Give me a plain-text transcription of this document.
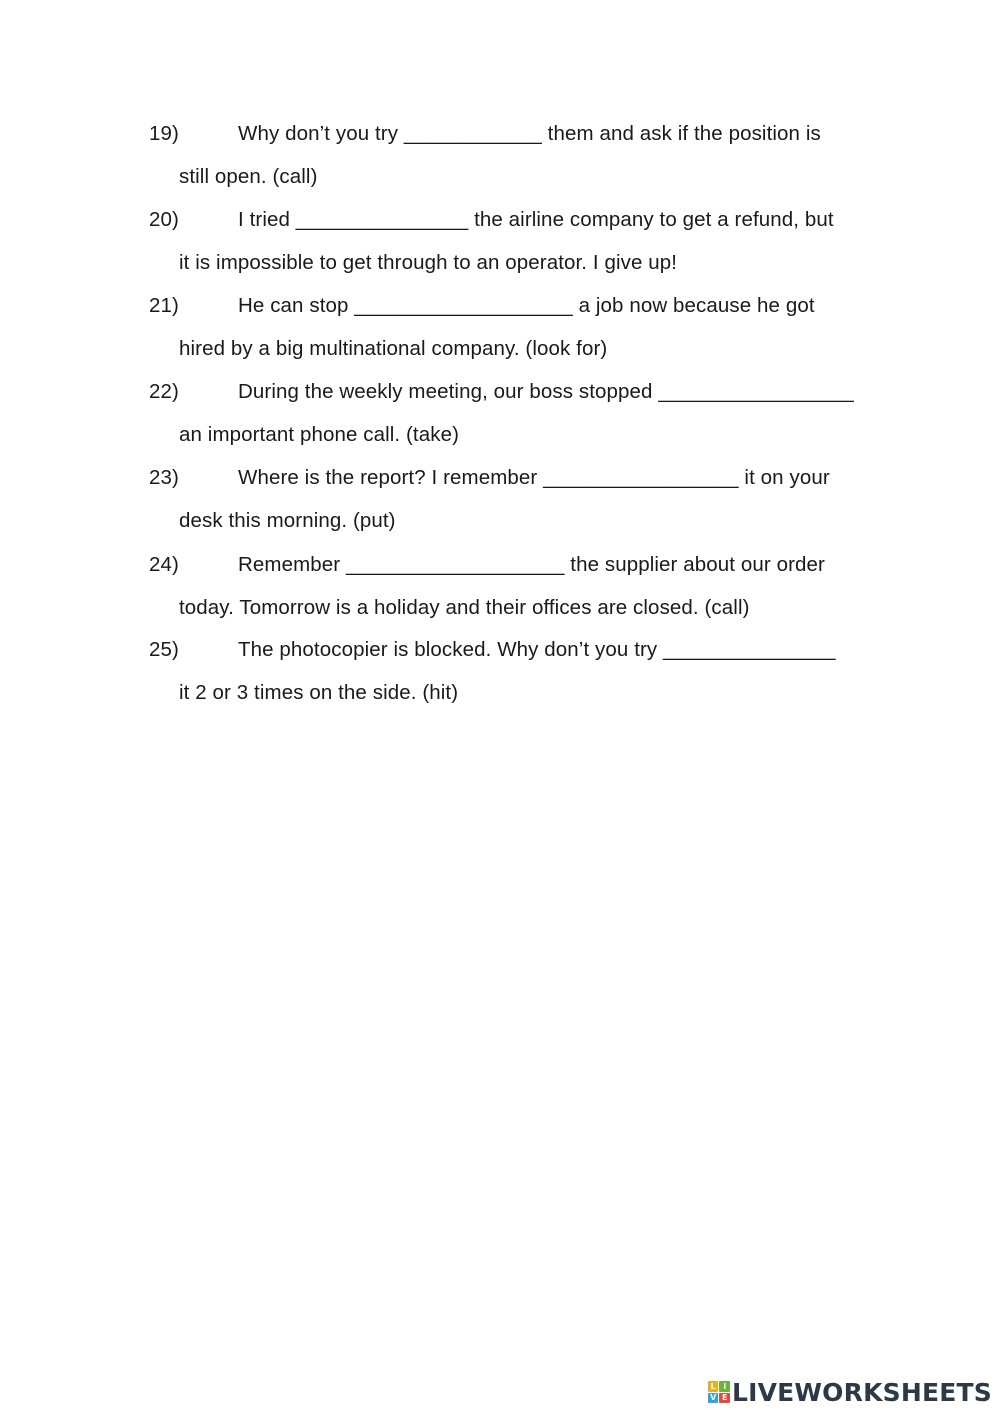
19)	Why don’t you try ____________ them and ask if the position is
still open. (call)
20)	I tried _______________ the airline company to get a refund, but
it is impossible to get through to an operator. I give up!
21)	He can stop ___________________ a job now because he got
hired by a big multinational company. (look for)
22)	During the weekly meeting, our boss stopped _________________
an important phone call. (take)
23)	Where is the report? I remember _________________ it on your
desk this morning. (put)
24)	Remember ___________________ the supplier about our order
today. Tomorrow is a holiday and their offices are closed. (call)
25)	The photocopier is blocked. Why don’t you try _______________
it 2 or 3 times on the side. (hit)
L I
V E LIVEWORKSHEETS
